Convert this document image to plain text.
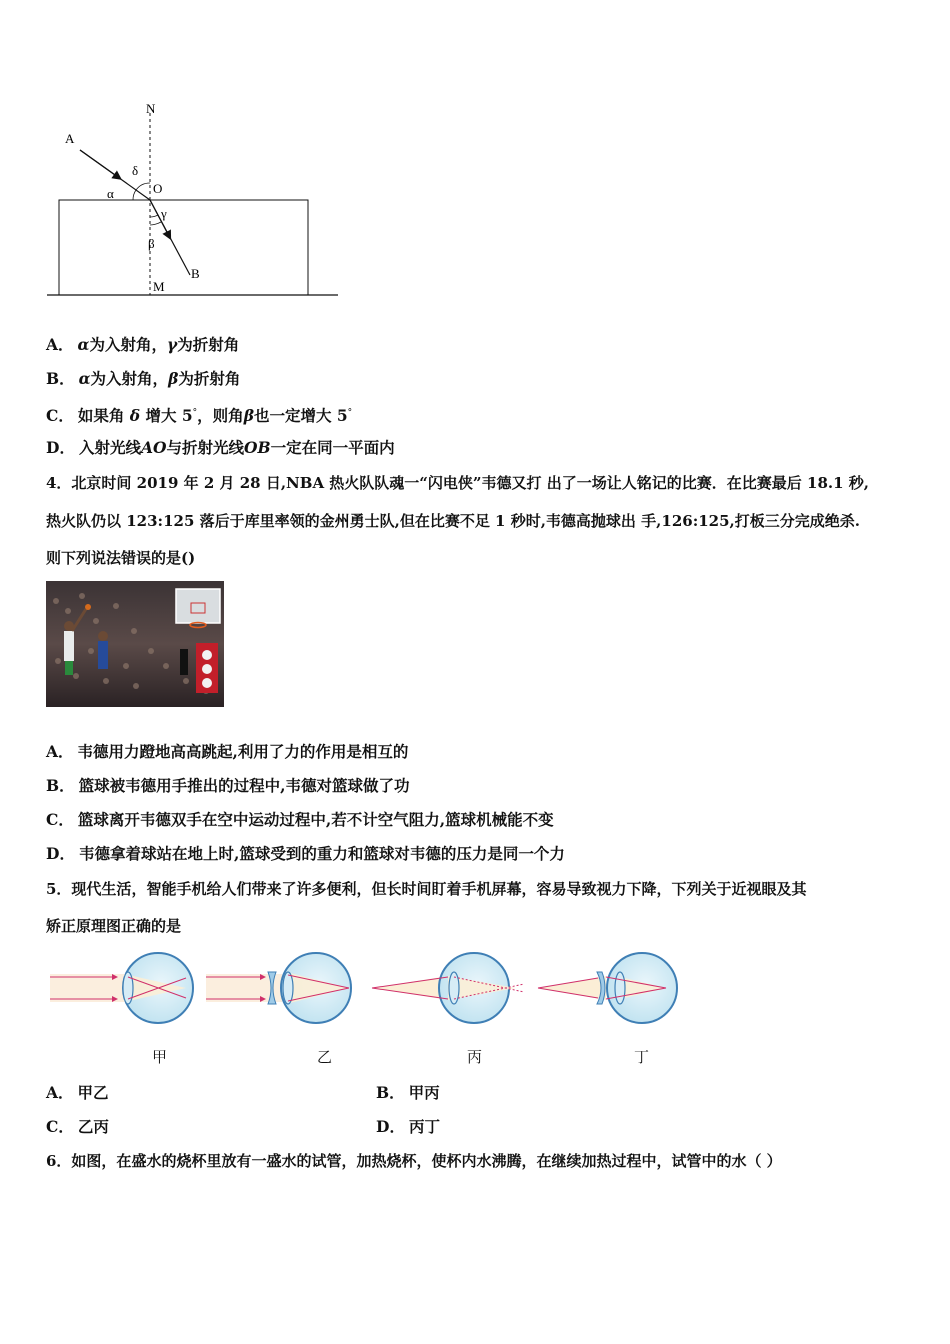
N
A
δ
O
α
γ
β
B
M
A． α为入射角，γ为折射角
B． α为入射角，β为折射角
C． 如果角 δ 增大 5°，则角β也一定增大 5°
D． 入射光线AO与折射光线OB一定在同一平面内
4．北京时间 2019 年 2 月 28 日,NBA 热火队队魂一“闪电侠”韦德又打 出了一场让人铭记的比赛．在比赛最后 18.1 秒,
热火队仍以 123:125 落后于库里率领的金州勇士队,但在比赛不足 1 秒时,韦德高抛球出 手,126:125,打板三分完成绝杀.
则下列说法错误的是()
A． 韦德用力蹬地高高跳起,利用了力的作用是相互的
B． 篮球被韦德用手推出的过程中,韦德对篮球做了功
C． 篮球离开韦德双手在空中运动过程中,若不计空气阻力,篮球机械能不变
D． 韦德拿着球站在地上时,篮球受到的重力和篮球对韦德的压力是同一个力
5．现代生活，智能手机给人们带来了许多便利，但长时间盯着手机屏幕，容易导致视力下降，下列关于近视眼及其
矫正原理图正确的是
甲	乙	丙	丁
A． 甲乙	B． 甲丙
C． 乙丙	D． 丙丁
6．如图，在盛水的烧杯里放有一盛水的试管，加热烧杯，使杯内水沸腾，在继续加热过程中，试管中的水（ ）
